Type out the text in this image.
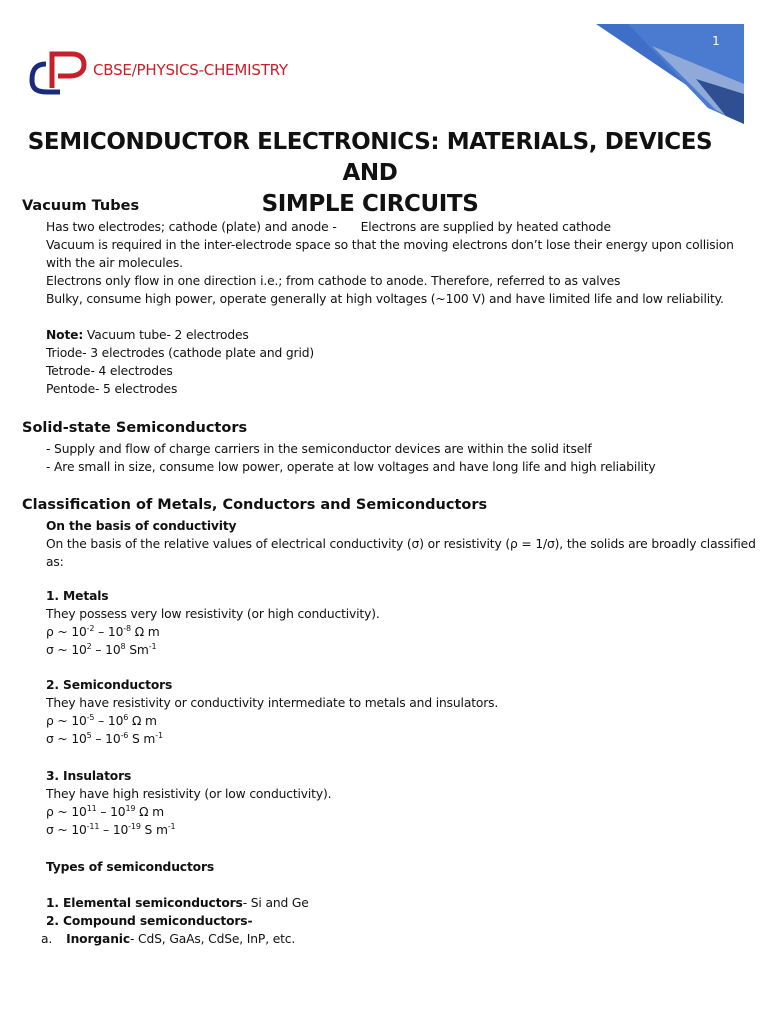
1
CBSE/PHYSICS-CHEMISTRY
SEMICONDUCTOR ELECTRONICS: MATERIALS, DEVICES AND
SIMPLE CIRCUITS
Vacuum Tubes
Has two electrodes; cathode (plate) and anode - Electrons are supplied by heated cathode
Vacuum is required in the inter-electrode space so that the moving electrons don’t lose their energy upon collision
with the air molecules.
Electrons only flow in one direction i.e.; from cathode to anode. Therefore, referred to as valves
Bulky, consume high power, operate generally at high voltages (~100 V) and have limited life and low reliability.
Note: Vacuum tube- 2 electrodes
Triode- 3 electrodes (cathode plate and grid)
Tetrode- 4 electrodes
Pentode- 5 electrodes
Solid-state Semiconductors
- Supply and flow of charge carriers in the semiconductor devices are within the solid itself
- Are small in size, consume low power, operate at low voltages and have long life and high reliability
Classification of Metals, Conductors and Semiconductors
On the basis of conductivity
On the basis of the relative values of electrical conductivity (σ) or resistivity (ρ = 1/σ), the solids are broadly classified
as:
1. Metals
They possess very low resistivity (or high conductivity).
ρ ~ $10^{-2} - 10^{-8}$ Ω m
σ ~ $10^2 - 10^8$ $Sm^{-1}$
2. Semiconductors
They have resistivity or conductivity intermediate to metals and insulators.
ρ ~ $10^{-5} - 10^6$ Ω m
σ ~ $10^5 - 10^{-6}$ S $m^{-1}$
3. Insulators
They have high resistivity (or low conductivity).
ρ ~ $10^{11} - 10^{19}$ Ω m
σ ~ $10^{-11} - 10^{-19}$ S $m^{-1}$
Types of semiconductors
1. Elemental semiconductors- Si and Ge
2. Compound semiconductors-
a. Inorganic- CdS, GaAs, CdSe, InP, etc.
